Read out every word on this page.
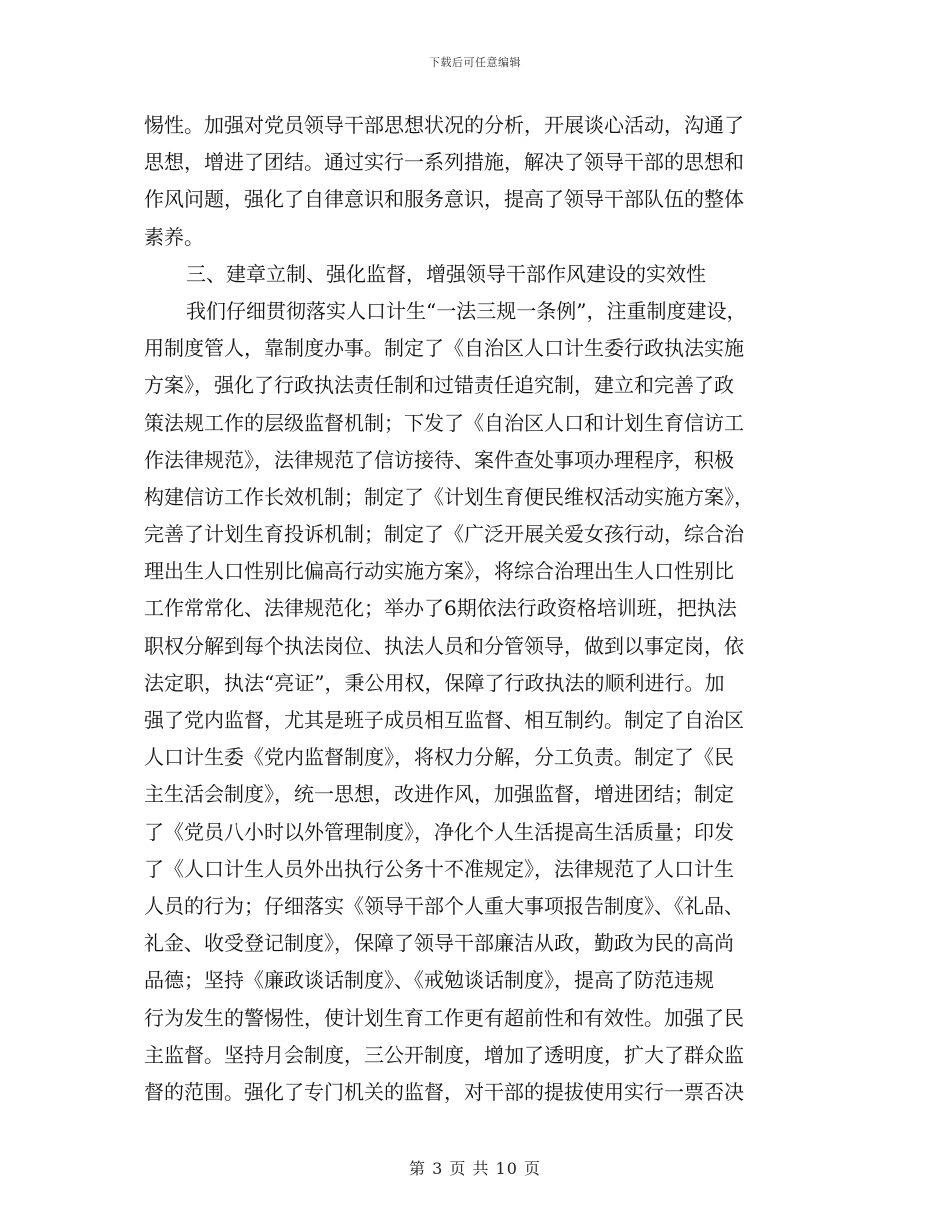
下载后可任意编辑
惕性。加强对党员领导干部思想状况的分析，开展谈心活动，沟通了
思想，增进了团结。通过实行一系列措施，解决了领导干部的思想和
作风问题，强化了自律意识和服务意识，提高了领导干部队伍的整体
素养。
三、建章立制、强化监督，增强领导干部作风建设的实效性
我们仔细贯彻落实人口计生“一法三规一条例”，注重制度建设，
用制度管人，靠制度办事。制定了《自治区人口计生委行政执法实施
方案》，强化了行政执法责任制和过错责任追究制，建立和完善了政
策法规工作的层级监督机制；下发了《自治区人口和计划生育信访工
作法律规范》，法律规范了信访接待、案件查处事项办理程序，积极
构建信访工作长效机制；制定了《计划生育便民维权活动实施方案》，
完善了计划生育投诉机制；制定了《广泛开展关爱女孩行动，综合治
理出生人口性别比偏高行动实施方案》，将综合治理出生人口性别比
工作常常化、法律规范化；举办了6期依法行政资格培训班，把执法
职权分解到每个执法岗位、执法人员和分管领导，做到以事定岗，依
法定职，执法“亮证”，秉公用权，保障了行政执法的顺利进行。加
强了党内监督，尤其是班子成员相互监督、相互制约。制定了自治区
人口计生委《党内监督制度》，将权力分解，分工负责。制定了《民
主生活会制度》，统一思想，改进作风，加强监督，增进团结；制定
了《党员八小时以外管理制度》，净化个人生活提高生活质量；印发
了《人口计生人员外出执行公务十不准规定》，法律规范了人口计生
人员的行为；仔细落实《领导干部个人重大事项报告制度》、《礼品、
礼金、收受登记制度》，保障了领导干部廉洁从政，勤政为民的高尚
品德；坚持《廉政谈话制度》、《戒勉谈话制度》，提高了防范违规
行为发生的警惕性，使计划生育工作更有超前性和有效性。加强了民
主监督。坚持月会制度，三公开制度，增加了透明度，扩大了群众监
督的范围。强化了专门机关的监督，对干部的提拔使用实行一票否决
第 3 页 共 10 页
